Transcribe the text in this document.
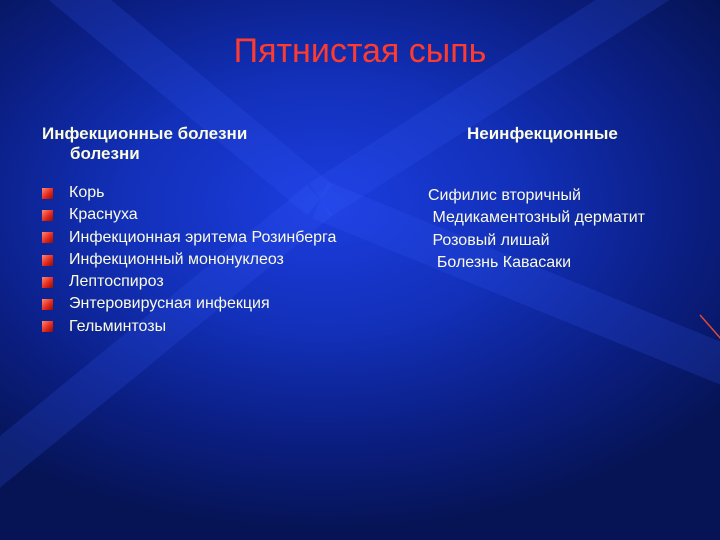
Пятнистая сыпь
Инфекционные болезни
болезни
Неинфекционные
Корь
Краснуха
Инфекционная эритема Розинберга
Инфекционный мононуклеоз
Лептоспироз
Энтеровирусная инфекция
Гельминтозы
Сифилис вторичный
Медикаментозный дерматит
Розовый лишай
Болезнь Кавасаки
